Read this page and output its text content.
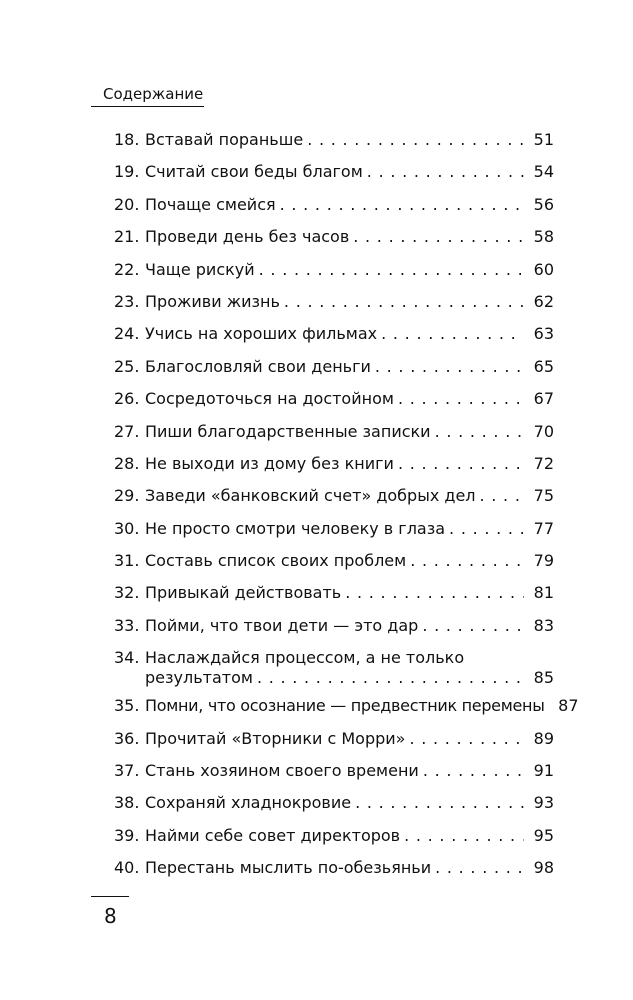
Содержание
18. Вставай пораньше . . .	51
19. Считай свои беды благом . . .	54
20. Почаще смейся . . .	56
21. Проведи день без часов . . .	58
22. Чаще рискуй . . .	60
23. Проживи жизнь . . .	62
24. Учись на хороших фильмах . . .	63
25. Благословляй свои деньги . . .	65
26. Сосредоточься на достойном . . .	67
27. Пиши благодарственные записки . . .	70
28. Не выходи из дому без книги . . .	72
29. Заведи «банковский счет» добрых дел . . .	75
30. Не просто смотри человеку в глаза . . .	77
31. Составь список своих проблем . . .	79
32. Привыкай действовать . . .	81
33. Пойми, что твои дети — это дар . . .	83
34. Наслаждайся процессом, а не только
результатом . . .	85
35. Помни, что осознание — предвестник перемены . . . 87
36. Прочитай «Вторники с Морри» . . .	89
37. Стань хозяином своего времени . . .	91
38. Сохраняй хладнокровие . . .	93
39. Найми себе совет директоров . . .	95
40. Перестань мыслить по-обезьяньи . . .	98
8
